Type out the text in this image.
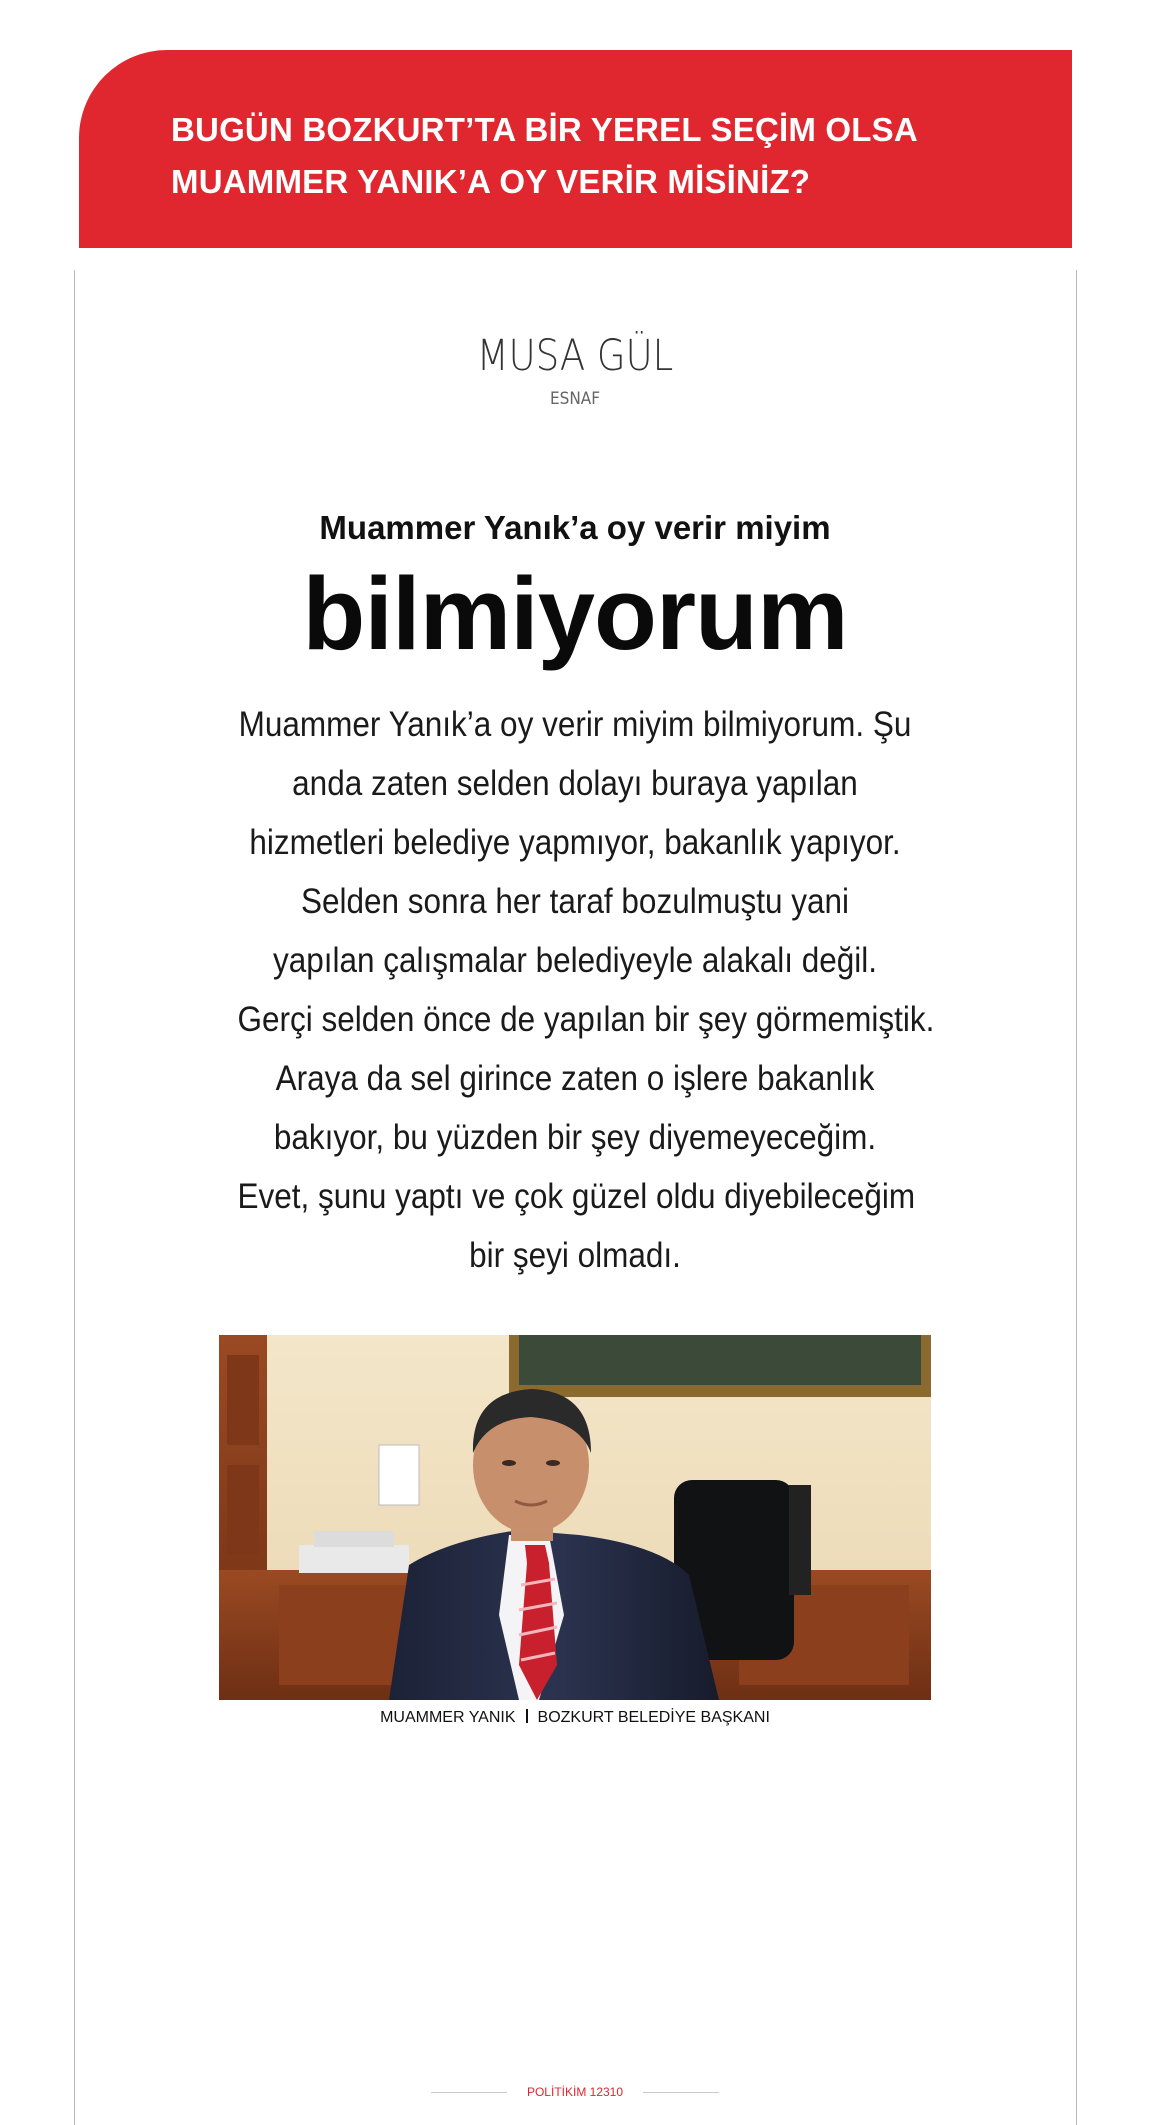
BUGÜN BOZKURT’TA BİR YEREL SEÇİM OLSA
MUAMMER YANIK’A OY VERİR MİSİNİZ?
MUSA GÜL
ESNAF
Muammer Yanık’a oy verir miyim
bilmiyorum
Muammer Yanık’a oy verir miyim bilmiyorum. Şu
anda zaten selden dolayı buraya yapılan
hizmetleri belediye yapmıyor, bakanlık yapıyor.
Selden sonra her taraf bozulmuştu yani
yapılan çalışmalar belediyeyle alakalı değil.
Gerçi selden önce de yapılan bir şey görmemiştik.
Araya da sel girince zaten o işlere bakanlık
bakıyor, bu yüzden bir şey diyemeyeceğim.
Evet, şunu yaptı ve çok güzel oldu diyebileceğim
bir şeyi olmadı.
MUAMMER YANIK BOZKURT BELEDİYE BAŞKANI
POLİTİKİM 12310
